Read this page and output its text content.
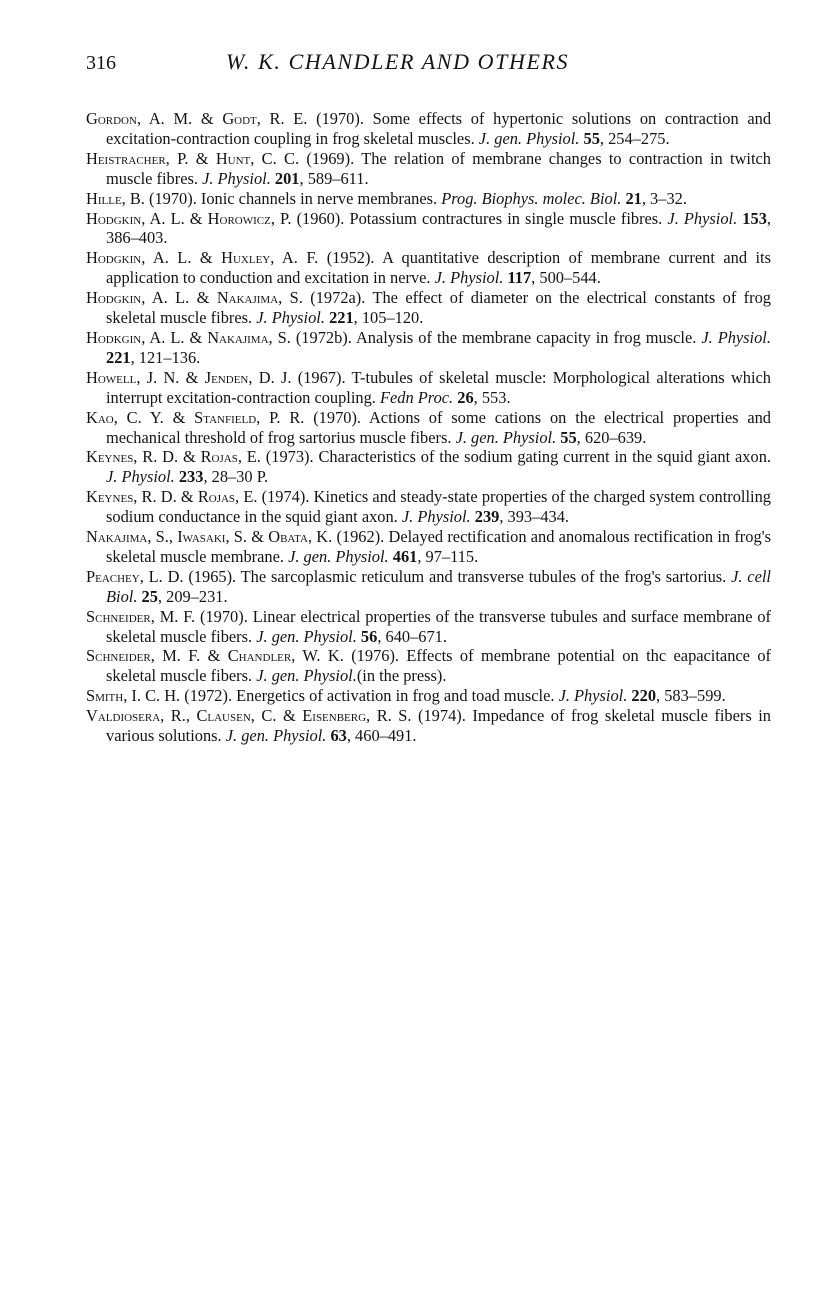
316	W. K. CHANDLER AND OTHERS

Gordon, A. M. & Godt, R. E. (1970). Some effects of hypertonic solutions on contraction and excitation-contraction coupling in frog skeletal muscles. J. gen. Physiol. 55, 254–275.

Heistracher, P. & Hunt, C. C. (1969). The relation of membrane changes to contraction in twitch muscle fibres. J. Physiol. 201, 589–611.

Hille, B. (1970). Ionic channels in nerve membranes. Prog. Biophys. molec. Biol. 21, 3–32.

Hodgkin, A. L. & Horowicz, P. (1960). Potassium contractures in single muscle fibres. J. Physiol. 153, 386–403.

Hodgkin, A. L. & Huxley, A. F. (1952). A quantitative description of membrane current and its application to conduction and excitation in nerve. J. Physiol. 117, 500–544.

Hodgkin, A. L. & Nakajima, S. (1972a). The effect of diameter on the electrical constants of frog skeletal muscle fibres. J. Physiol. 221, 105–120.

Hodkgin, A. L. & Nakajima, S. (1972b). Analysis of the membrane capacity in frog muscle. J. Physiol. 221, 121–136.

Howell, J. N. & Jenden, D. J. (1967). T-tubules of skeletal muscle: Morphological alterations which interrupt excitation-contraction coupling. Fedn Proc. 26, 553.

Kao, C. Y. & Stanfield, P. R. (1970). Actions of some cations on the electrical properties and mechanical threshold of frog sartorius muscle fibers. J. gen. Physiol. 55, 620–639.

Keynes, R. D. & Rojas, E. (1973). Characteristics of the sodium gating current in the squid giant axon. J. Physiol. 233, 28–30 P.

Keynes, R. D. & Rojas, E. (1974). Kinetics and steady-state properties of the charged system controlling sodium conductance in the squid giant axon. J. Physiol. 239, 393–434.

Nakajima, S., Iwasaki, S. & Obata, K. (1962). Delayed rectification and anomalous rectification in frog's skeletal muscle membrane. J. gen. Physiol. 461, 97–115.

Peachey, L. D. (1965). The sarcoplasmic reticulum and transverse tubules of the frog's sartorius. J. cell Biol. 25, 209–231.

Schneider, M. F. (1970). Linear electrical properties of the transverse tubules and surface membrane of skeletal muscle fibers. J. gen. Physiol. 56, 640–671.

Schneider, M. F. & Chandler, W. K. (1976). Effects of membrane potential on thc eapacitance of skeletal muscle fibers. J. gen. Physiol.(in the press).

Smith, I. C. H. (1972). Energetics of activation in frog and toad muscle. J. Physiol. 220, 583–599.

Valdiosera, R., Clausen, C. & Eisenberg, R. S. (1974). Impedance of frog skeletal muscle fibers in various solutions. J. gen. Physiol. 63, 460–491.
